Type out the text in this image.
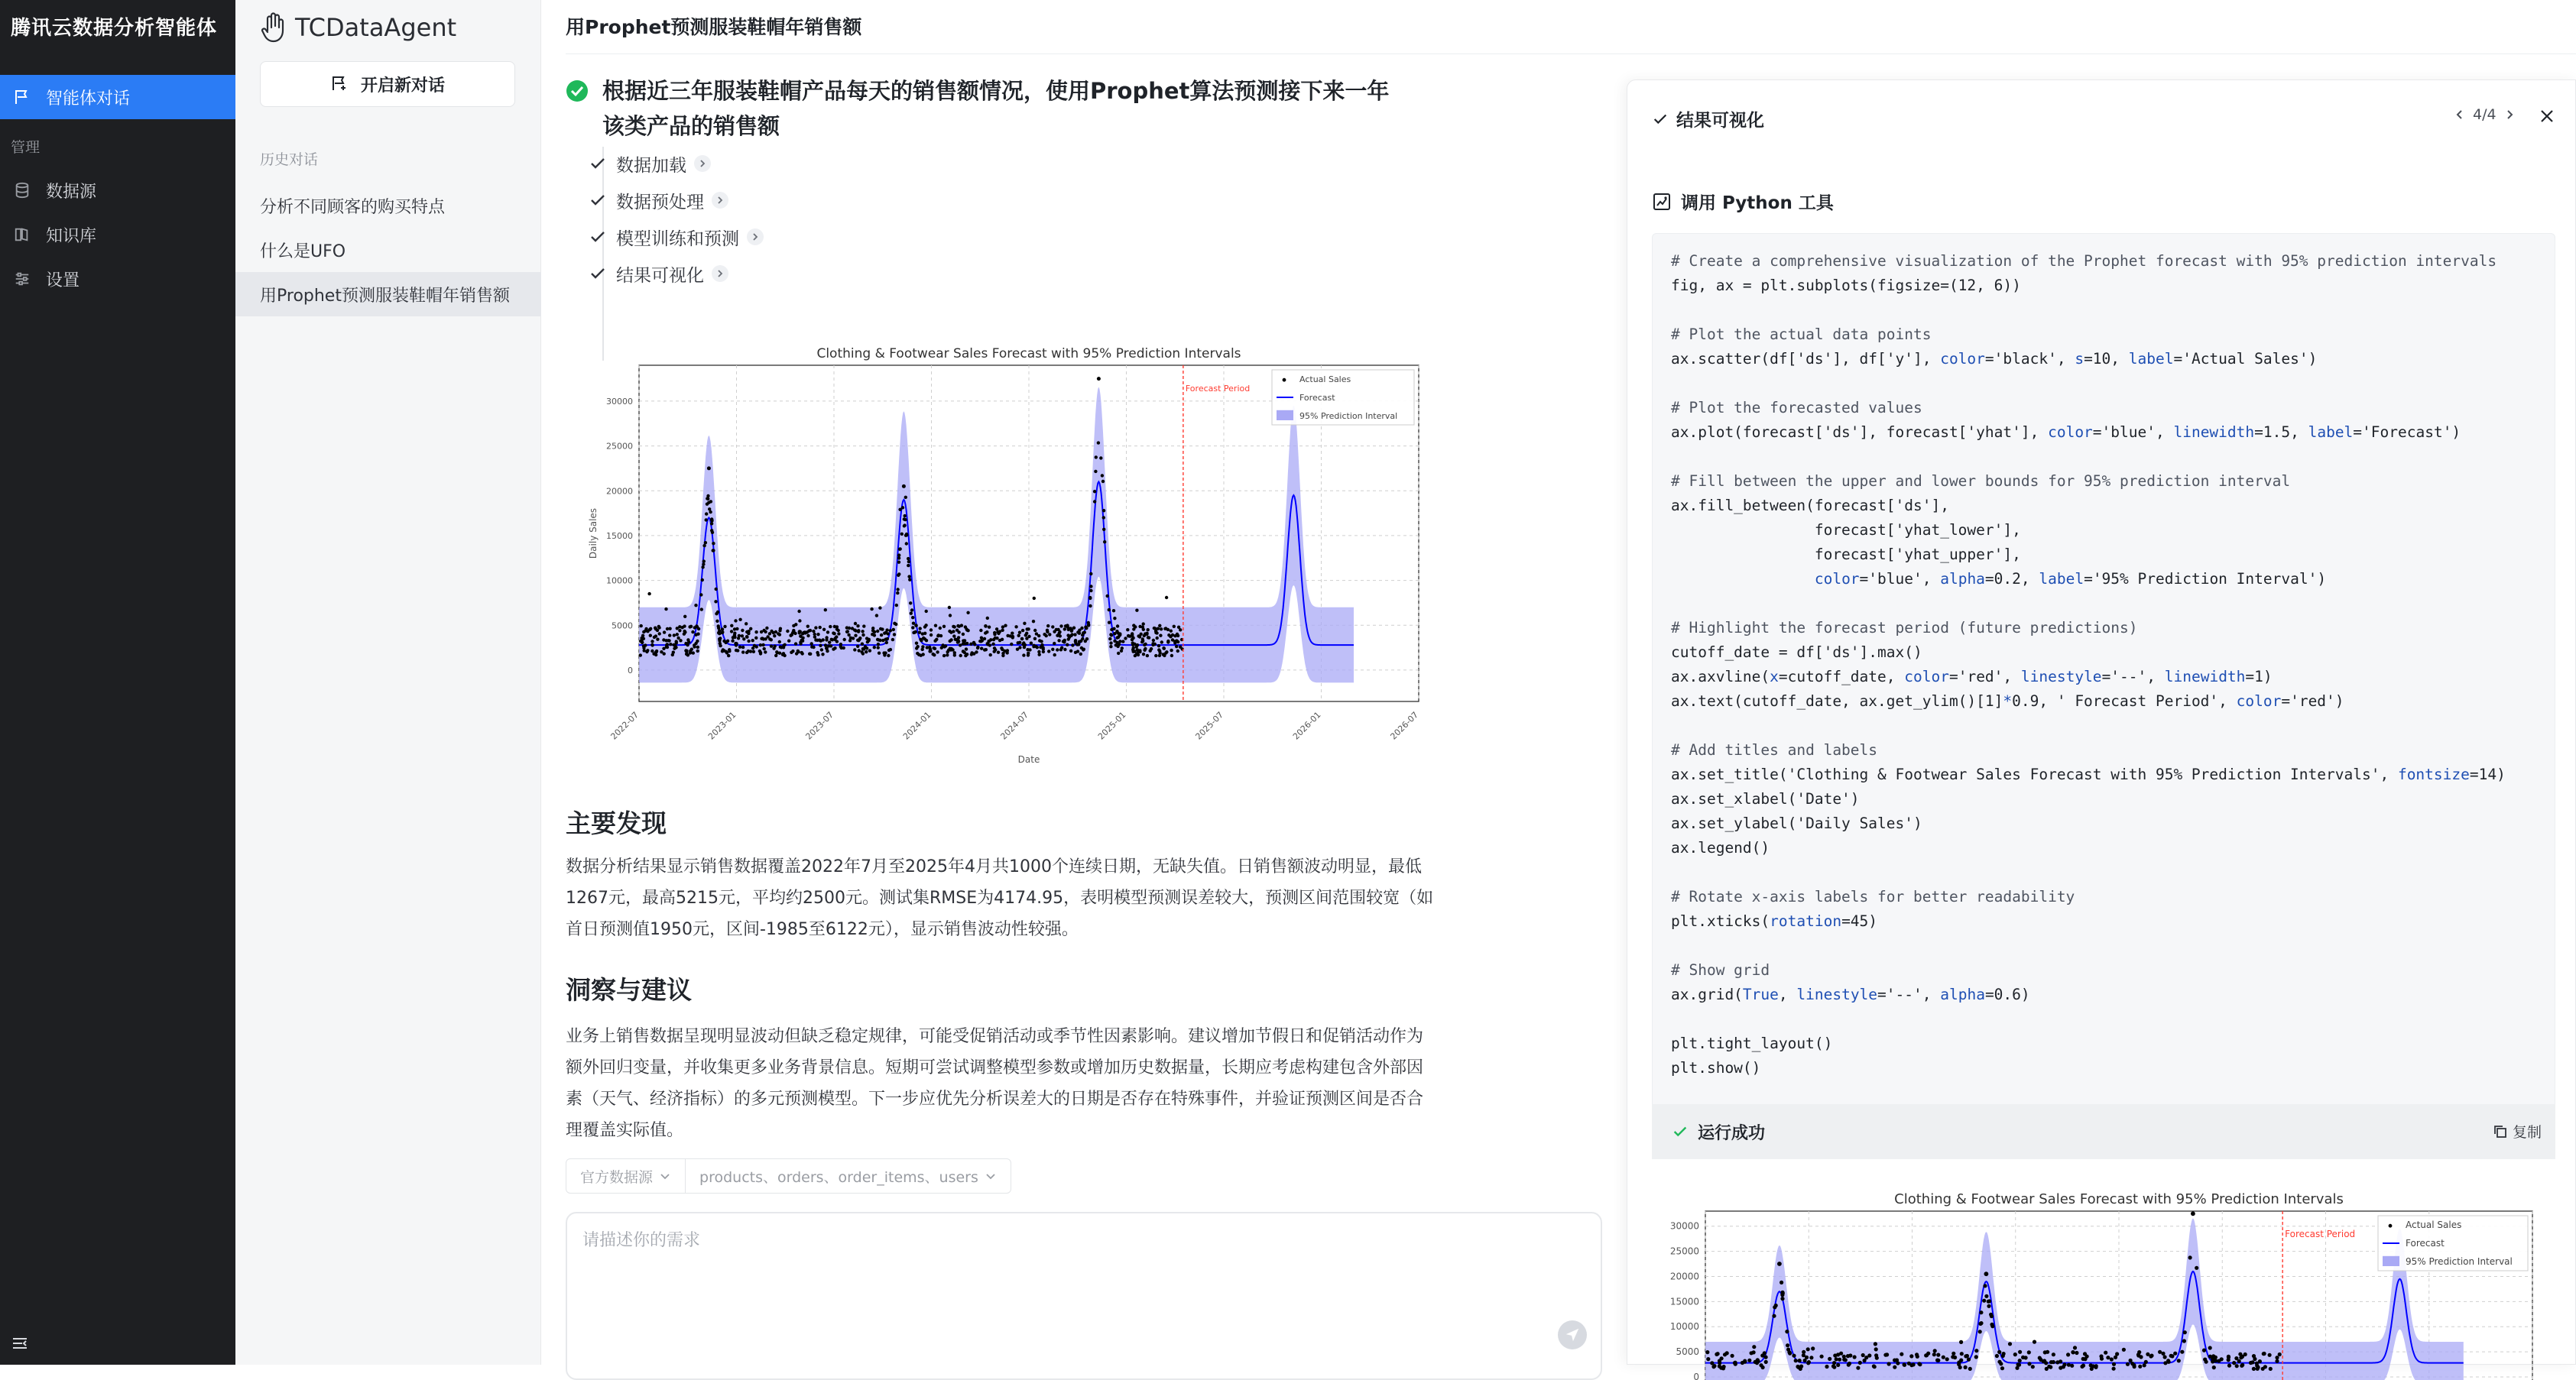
腾讯云数据分析智能体
智能体对话
管理
数据源
知识库
设置
TCDataAgent
开启新对话
历史对话
分析不同顾客的购买特点
什么是UFO
用Prophet预测服装鞋帽年销售额
用Prophet预测服装鞋帽年销售额
根据近三年服装鞋帽产品每天的销售额情况，使用Prophet算法预测接下来一年该类产品的销售额
数据加载
数据预处理
模型训练和预测
结果可视化
Clothing & Footwear Sales Forecast with 95% Prediction Intervals
2022-07	2023-01	2023-07	2024-01	2024-07	2025-01	2025-07	2026-01	2026-07
0
5000
10000
15000
20000
25000
30000
Date
Daily Sales
Forecast Period
Actual Sales
Forecast
95% Prediction Interval
主要发现
数据分析结果显示销售数据覆盖2022年7月至2025年4月共1000个连续日期，无缺失值。日销售额波动明显，最低1267元，最高5215元，平均约2500元。测试集RMSE为4174.95，表明模型预测误差较大，预测区间范围较宽（如首日预测值1950元，区间-1985至6122元），显示销售波动性较强。
洞察与建议
业务上销售数据呈现明显波动但缺乏稳定规律，可能受促销活动或季节性因素影响。建议增加节假日和促销活动作为额外回归变量，并收集更多业务背景信息。短期可尝试调整模型参数或增加历史数据量，长期应考虑构建包含外部因素（天气、经济指标）的多元预测模型。下一步应优先分析误差大的日期是否存在特殊事件，并验证预测区间是否合理覆盖实际值。
官方数据源	products、orders、order_items、users
请描述你的需求
结果可视化	4/4
调用 Python 工具
# Create a comprehensive visualization of the Prophet forecast with 95% prediction intervals
fig, ax = plt.subplots(figsize=(12, 6))

# Plot the actual data points
ax.scatter(df['ds'], df['y'], color='black', s=10, label='Actual Sales')

# Plot the forecasted values
ax.plot(forecast['ds'], forecast['yhat'], color='blue', linewidth=1.5, label='Forecast')

# Fill between the upper and lower bounds for 95% prediction interval
ax.fill_between(forecast['ds'],
forecast['yhat_lower'],
forecast['yhat_upper'],
color='blue', alpha=0.2, label='95% Prediction Interval')

# Highlight the forecast period (future predictions)
cutoff_date = df['ds'].max()
ax.axvline(x=cutoff_date, color='red', linestyle='--', linewidth=1)
ax.text(cutoff_date, ax.get_ylim()[1]*0.9, ' Forecast Period', color='red')

# Add titles and labels
ax.set_title('Clothing & Footwear Sales Forecast with 95% Prediction Intervals', fontsize=14)
ax.set_xlabel('Date')
ax.set_ylabel('Daily Sales')
ax.legend()

# Rotate x-axis labels for better readability
plt.xticks(rotation=45)

# Show grid
ax.grid(True, linestyle='--', alpha=0.6)

plt.tight_layout()
plt.show()
运行成功	复制
Clothing & Footwear Sales Forecast with 95% Prediction Intervals
0
5000
10000
15000
20000
25000
30000
Forecast Period
Actual Sales
Forecast
95% Prediction Interval
